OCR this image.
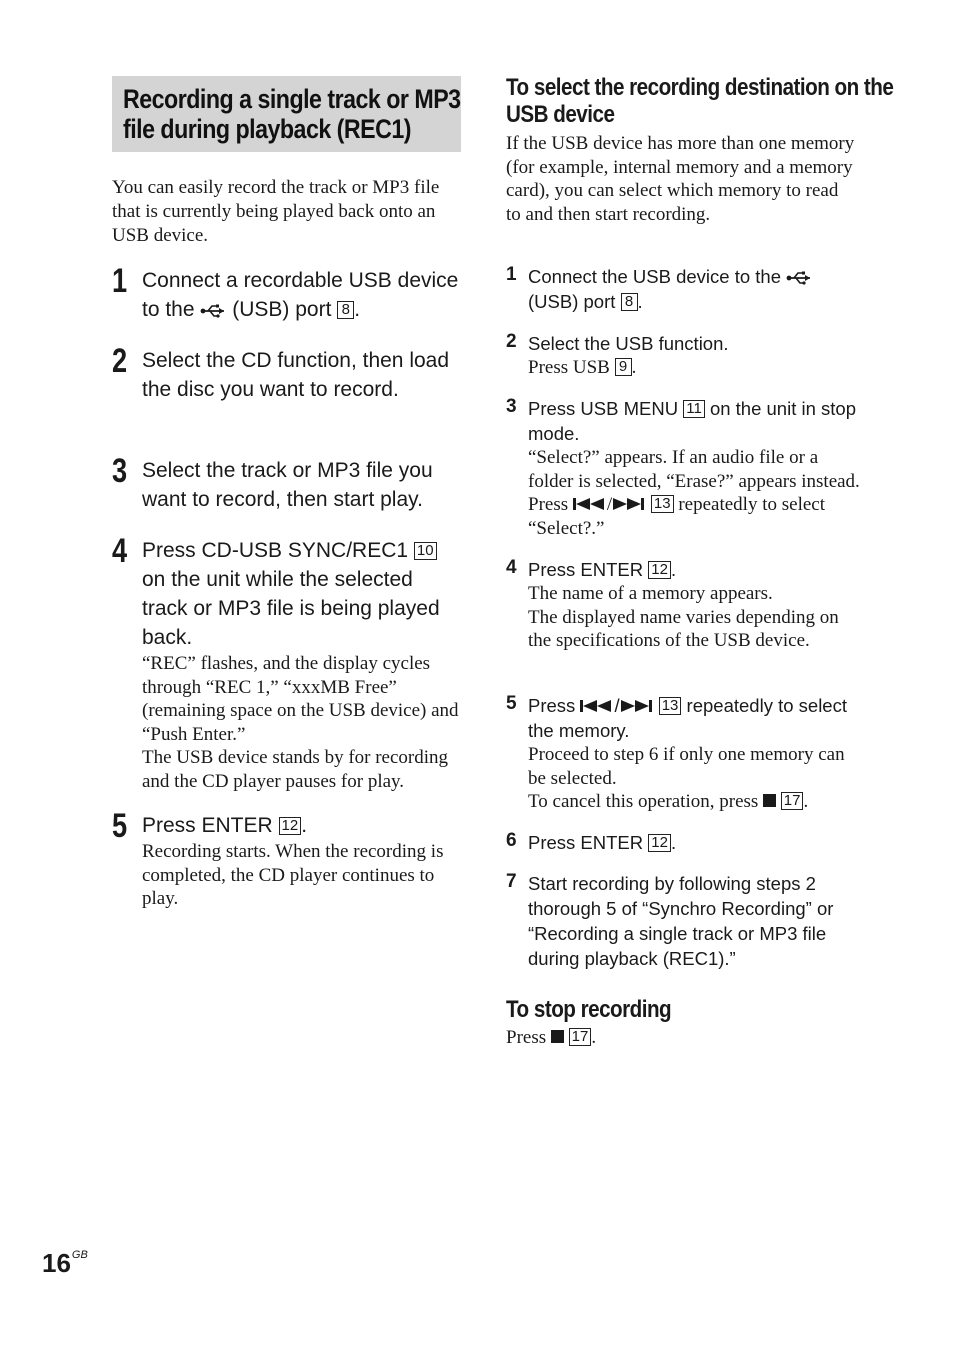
Recording a single track or MP3 file during playback (REC1)
You can easily record the track or MP3 file that is currently being played back onto an USB device.
1 Connect a recordable USB device to the (USB) port 8 .
2 Select the CD function, then load the disc you want to record.
3 Select the track or MP3 file you want to record, then start play.
4 Press CD-USB SYNC/REC1 10 on the unit while the selected track or MP3 file is being played back.
“REC” flashes, and the display cycles through “REC 1,” “xxxMB Free” (remaining space on the USB device) and “Push Enter.”
The USB device stands by for recording and the CD player pauses for play.
5 Press ENTER 12 .
Recording starts. When the recording is completed, the CD player continues to play.
To select the recording destination on the USB device
If the USB device has more than one memory (for example, internal memory and a memory card), you can select which memory to read to and then start recording.
1 Connect the USB device to the
(USB) port 8 .
2 Select the USB function.
Press USB 9 .
3 Press USB MENU 11 on the unit in stop mode.
“Select?” appears. If an audio file or a folder is selected, “Erase?” appears instead. Press /	13 repeatedly to select “Select?.”
4 Press ENTER 12 .
The name of a memory appears.
The displayed name varies depending on the specifications of the USB device.
5 Press /	13 repeatedly to select the memory.
Proceed to step 6 if only one memory can be selected.
To cancel this operation, press 17 .
6 Press ENTER 12 .
7 Start recording by following steps 2 thorough 5 of “Synchro Recording” or “Recording a single track or MP3 file during playback (REC1).”
To stop recording
Press 17 .
$16^{GB}$
